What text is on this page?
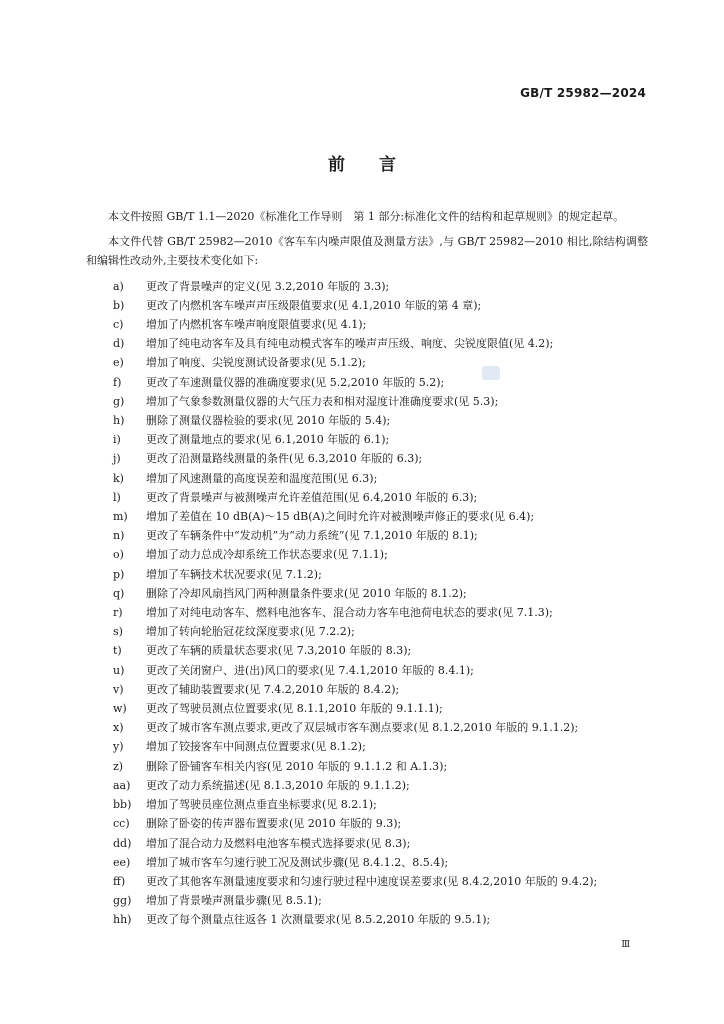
GB/T 25982—2024
前言

本文件按照 GB/T 1.1—2020《标准化工作导则　第 1 部分:标准化文件的结构和起草规则》的规定起草。

本文件代替 GB/T 25982—2010《客车车内噪声限值及测量方法》,与 GB/T 25982—2010 相比,除结构调整和编辑性改动外,主要技术变化如下:

a)	更改了背景噪声的定义(见 3.2,2010 年版的 3.3);
b)	更改了内燃机客车噪声声压级限值要求(见 4.1,2010 年版的第 4 章);
c)	增加了内燃机客车噪声响度限值要求(见 4.1);
d)	增加了纯电动客车及具有纯电动模式客车的噪声声压级、响度、尖锐度限值(见 4.2);
e)	增加了响度、尖锐度测试设备要求(见 5.1.2);
f)	更改了车速测量仪器的准确度要求(见 5.2,2010 年版的 5.2);
g)	增加了气象参数测量仪器的大气压力表和相对湿度计准确度要求(见 5.3);
h)	删除了测量仪器检验的要求(见 2010 年版的 5.4);
i)	更改了测量地点的要求(见 6.1,2010 年版的 6.1);
j)	更改了沿测量路线测量的条件(见 6.3,2010 年版的 6.3);
k)	增加了风速测量的高度误差和温度范围(见 6.3);
l)	更改了背景噪声与被测噪声允许差值范围(见 6.4,2010 年版的 6.3);
m)	增加了差值在 10 dB(A)～15 dB(A)之间时允许对被测噪声修正的要求(见 6.4);
n)	更改了车辆条件中“发动机”为“动力系统”(见 7.1,2010 年版的 8.1);
o)	增加了动力总成冷却系统工作状态要求(见 7.1.1);
p)	增加了车辆技术状况要求(见 7.1.2);
q)	删除了冷却风扇挡风门两种测量条件要求(见 2010 年版的 8.1.2);
r)	增加了对纯电动客车、燃料电池客车、混合动力客车电池荷电状态的要求(见 7.1.3);
s)	增加了转向轮胎冠花纹深度要求(见 7.2.2);
t)	更改了车辆的质量状态要求(见 7.3,2010 年版的 8.3);
u)	更改了关闭窗户、进(出)风口的要求(见 7.4.1,2010 年版的 8.4.1);
v)	更改了辅助装置要求(见 7.4.2,2010 年版的 8.4.2);
w)	更改了驾驶员测点位置要求(见 8.1.1,2010 年版的 9.1.1.1);
x)	更改了城市客车测点要求,更改了双层城市客车测点要求(见 8.1.2,2010 年版的 9.1.1.2);
y)	增加了铰接客车中间测点位置要求(见 8.1.2);
z)	删除了卧铺客车相关内容(见 2010 年版的 9.1.1.2 和 A.1.3);
aa)	更改了动力系统描述(见 8.1.3,2010 年版的 9.1.1.2);
bb)	增加了驾驶员座位测点垂直坐标要求(见 8.2.1);
cc)	删除了卧姿的传声器布置要求(见 2010 年版的 9.3);
dd)	增加了混合动力及燃料电池客车模式选择要求(见 8.3);
ee)	增加了城市客车匀速行驶工况及测试步骤(见 8.4.1.2、8.5.4);
ff)	更改了其他客车测量速度要求和匀速行驶过程中速度误差要求(见 8.4.2,2010 年版的 9.4.2);
gg)	增加了背景噪声测量步骤(见 8.5.1);
hh)	更改了每个测量点往返各 1 次测量要求(见 8.5.2,2010 年版的 9.5.1);
Ⅲ
